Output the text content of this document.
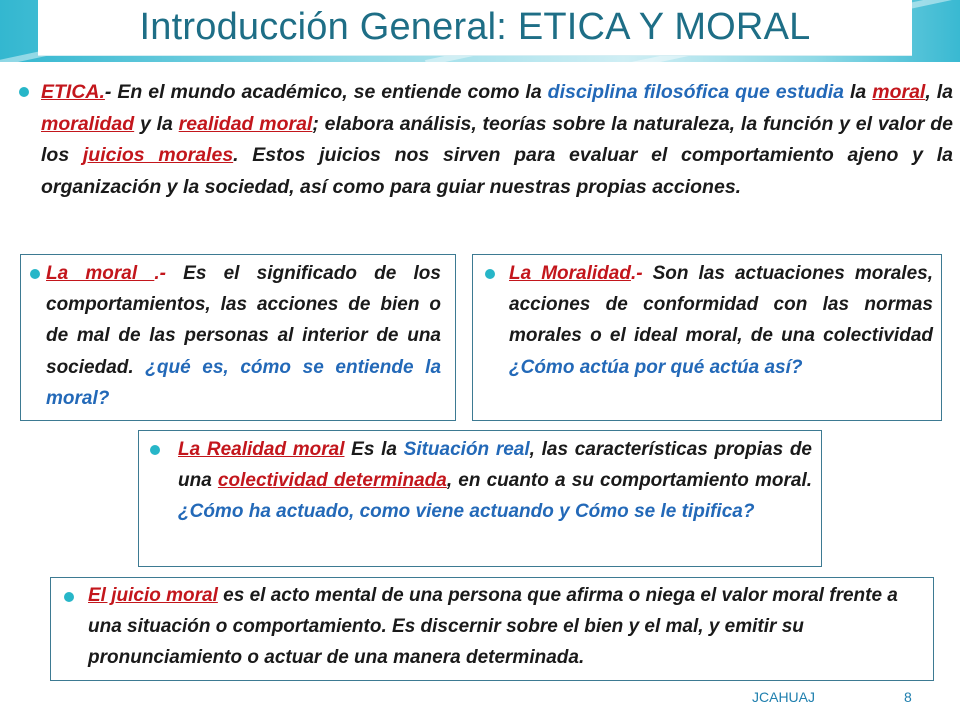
Introducción General: ETICA Y MORAL
ETICA.- En el mundo académico, se entiende como la disciplina filosófica que estudia la moral, la moralidad y la realidad moral; elabora análisis, teorías sobre la naturaleza, la función y el valor de los juicios morales. Estos juicios nos sirven para evaluar el comportamiento ajeno y la organización y la sociedad, así como para guiar nuestras propias acciones.
La moral .- Es el significado de los comportamientos, las acciones de bien o de mal de las personas al interior de una sociedad. ¿qué es, cómo se entiende la moral?
La Moralidad.- Son las actuaciones morales, acciones de conformidad con las normas morales o el ideal moral, de una colectividad ¿Cómo actúa por qué actúa así?
La Realidad moral Es la Situación real, las características propias de una colectividad determinada, en cuanto a su comportamiento moral. ¿Cómo ha actuado, como viene actuando y Cómo se le tipifica?
El juicio moral es el acto mental de una persona que afirma o niega el valor moral frente a una situación o comportamiento. Es discernir sobre el bien y el mal, y emitir su pronunciamiento o actuar de una manera determinada.
JCAHUAJ	8
